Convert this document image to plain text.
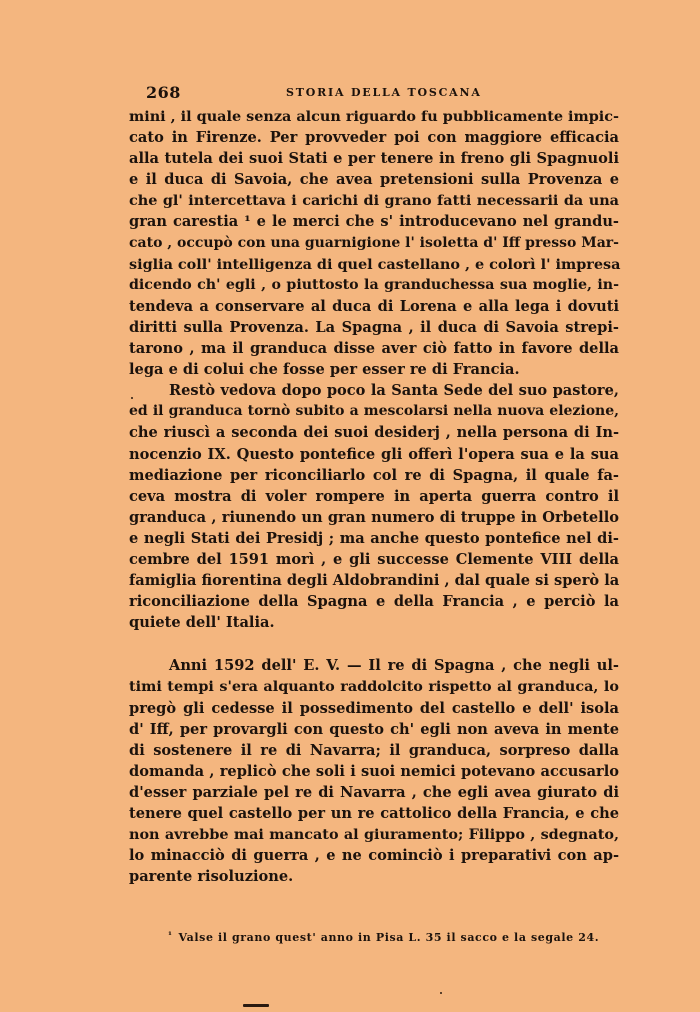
268	STORIA DELLA TOSCANA
mini , il quale senza alcun riguardo fu pubblicamente impic-
cato in Firenze. Per provveder poi con maggiore efficacia
alla tutela dei suoi Stati e per tenere in freno gli Spagnuoli
e il duca di Savoia, che avea pretensioni sulla Provenza e
che gl' intercettava i carichi di grano fatti necessarii da una
gran carestia ¹ e le merci che s' introducevano nel grandu-
cato , occupò con una guarnigione l' isoletta d' Iff presso Mar-
siglia coll' intelligenza di quel castellano , e colorì l' impresa
dicendo ch' egli , o piuttosto la granduchessa sua moglie, in-
tendeva a conservare al duca di Lorena e alla lega i dovuti
diritti sulla Provenza. La Spagna , il duca di Savoia strepi-
tarono , ma il granduca disse aver ciò fatto in favore della
lega e di colui che fosse per esser re di Francia.
Restò vedova dopo poco la Santa Sede del suo pastore,
ed il granduca tornò subito a mescolarsi nella nuova elezione,
che riuscì a seconda dei suoi desiderj , nella persona di In-
nocenzio IX. Questo pontefice gli offerì l'opera sua e la sua
mediazione per riconciliarlo col re di Spagna, il quale fa-
ceva mostra di voler rompere in aperta guerra contro il
granduca , riunendo un gran numero di truppe in Orbetello
e negli Stati dei Presidj ; ma anche questo pontefice nel di-
cembre del 1591 morì , e gli successe Clemente VIII della
famiglia fiorentina degli Aldobrandini , dal quale si sperò la
riconciliazione della Spagna e della Francia , e perciò la
quiete dell' Italia.
Anni 1592 dell' E. V. — Il re di Spagna , che negli ul-
timi tempi s'era alquanto raddolcito rispetto al granduca, lo
pregò gli cedesse il possedimento del castello e dell' isola
d' Iff, per provargli con questo ch' egli non aveva in mente
di sostenere il re di Navarra; il granduca, sorpreso dalla
domanda , replicò che soli i suoi nemici potevano accusarlo
d'esser parziale pel re di Navarra , che egli avea giurato di
tenere quel castello per un re cattolico della Francia, e che
non avrebbe mai mancato al giuramento; Filippo , sdegnato,
lo minacciò di guerra , e ne cominciò i preparativi con ap-
parente risoluzione.
$^{^1}$ Valse il grano quest' anno in Pisa L. 35 il sacco e la segale 24.
